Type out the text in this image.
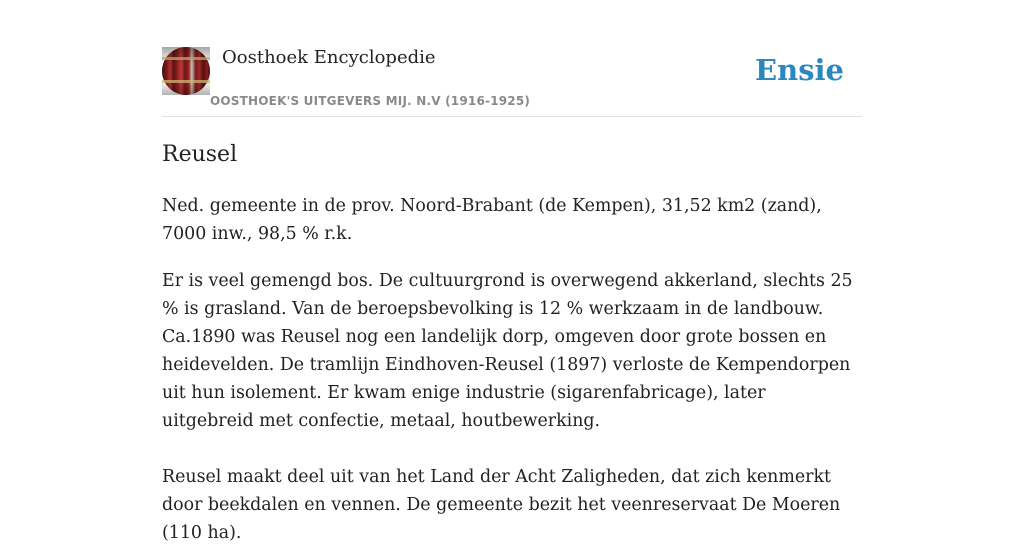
Oosthoek Encyclopedie
OOSTHOEK'S UITGEVERS MIJ. N.V (1916-1925)
Ensie
Reusel

Ned. gemeente in de prov. Noord-Brabant (de Kempen), 31,52 km2 (zand), 7000 inw., 98,5 % r.k.

Er is veel gemengd bos. De cultuurgrond is overwegend akkerland, slechts 25 % is grasland. Van de beroepsbevolking is 12 % werkzaam in de landbouw. Ca.1890 was Reusel nog een landelijk dorp, omgeven door grote bossen en heidevelden. De tramlijn Eindhoven-Reusel (1897) verloste de Kempendorpen uit hun isolement. Er kwam enige industrie (sigarenfabricage), later uitgebreid met confectie, metaal, houtbewerking.

Reusel maakt deel uit van het Land der Acht Zaligheden, dat zich kenmerkt door beekdalen en vennen. De gemeente bezit het veenreservaat De Moeren (110 ha).
